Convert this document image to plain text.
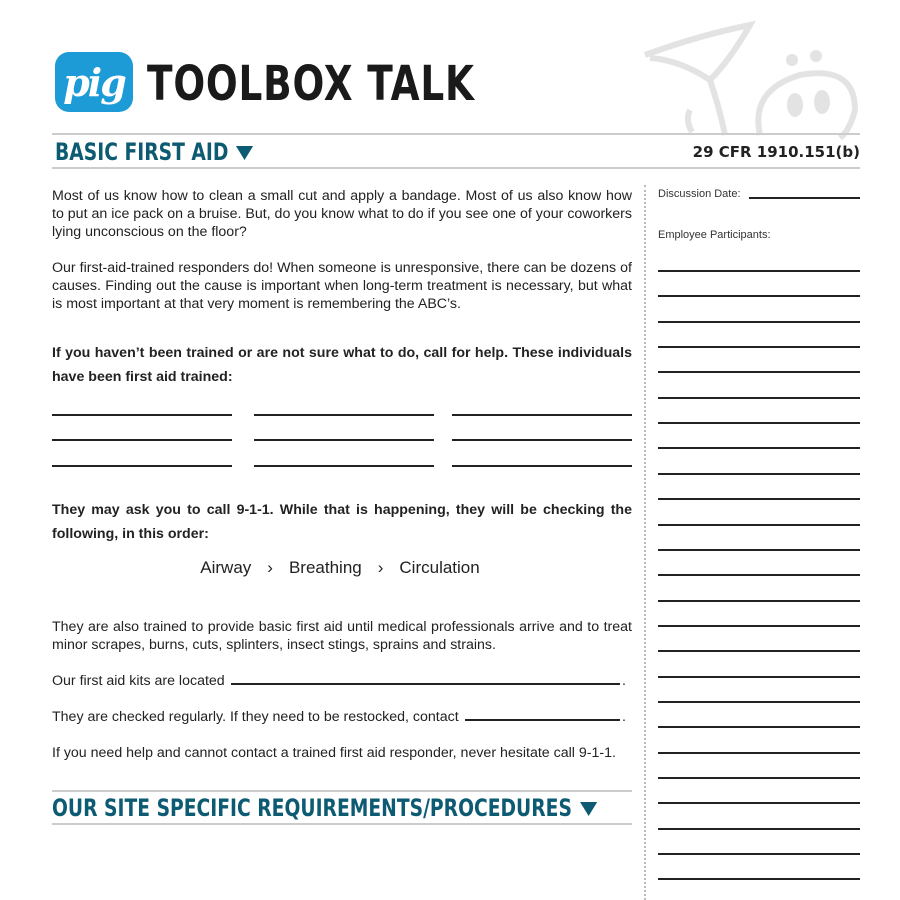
pig TOOLBOX TALK
BASIC FIRST AID	29 CFR 1910.151(b)
Discussion Date:
Employee Participants:
Most of us know how to clean a small cut and apply a bandage. Most of us also know how to put an ice pack on a bruise. But, do you know what to do if you see one of your coworkers lying unconscious on the floor?
Our first-aid-trained responders do! When someone is unresponsive, there can be dozens of causes. Finding out the cause is important when long-term treatment is necessary, but what is most important at that very moment is remembering the ABC’s.
If you haven’t been trained or are not sure what to do, call for help. These individuals have been first aid trained:
They may ask you to call 9-1-1. While that is happening, they will be checking the following, in this order:
Airway › Breathing › Circulation
They are also trained to provide basic first aid until medical professionals arrive and to treat minor scrapes, burns, cuts, splinters, insect stings, sprains and strains.
Our first aid kits are located	.
They are checked regularly. If they need to be restocked, contact	.
If you need help and cannot contact a trained first aid responder, never hesitate call 9-1-1.
OUR SITE SPECIFIC REQUIREMENTS/PROCEDURES
